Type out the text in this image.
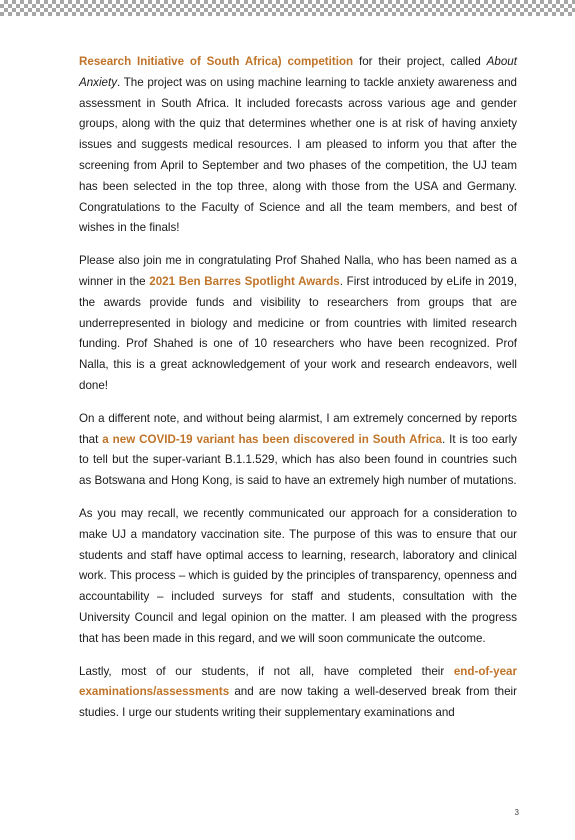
Research Initiative of South Africa) competition for their project, called About Anxiety. The project was on using machine learning to tackle anxiety awareness and assessment in South Africa. It included forecasts across various age and gender groups, along with the quiz that determines whether one is at risk of having anxiety issues and suggests medical resources. I am pleased to inform you that after the screening from April to September and two phases of the competition, the UJ team has been selected in the top three, along with those from the USA and Germany. Congratulations to the Faculty of Science and all the team members, and best of wishes in the finals!

Please also join me in congratulating Prof Shahed Nalla, who has been named as a winner in the 2021 Ben Barres Spotlight Awards. First introduced by eLife in 2019, the awards provide funds and visibility to researchers from groups that are underrepresented in biology and medicine or from countries with limited research funding. Prof Shahed is one of 10 researchers who have been recognized. Prof Nalla, this is a great acknowledgement of your work and research endeavors, well done!

On a different note, and without being alarmist, I am extremely concerned by reports that a new COVID-19 variant has been discovered in South Africa. It is too early to tell but the super-variant B.1.1.529, which has also been found in countries such as Botswana and Hong Kong, is said to have an extremely high number of mutations.

As you may recall, we recently communicated our approach for a consideration to make UJ a mandatory vaccination site. The purpose of this was to ensure that our students and staff have optimal access to learning, research, laboratory and clinical work. This process – which is guided by the principles of transparency, openness and accountability – included surveys for staff and students, consultation with the University Council and legal opinion on the matter. I am pleased with the progress that has been made in this regard, and we will soon communicate the outcome.

Lastly, most of our students, if not all, have completed their end-of-year examinations/assessments and are now taking a well-deserved break from their studies. I urge our students writing their supplementary examinations and

3
